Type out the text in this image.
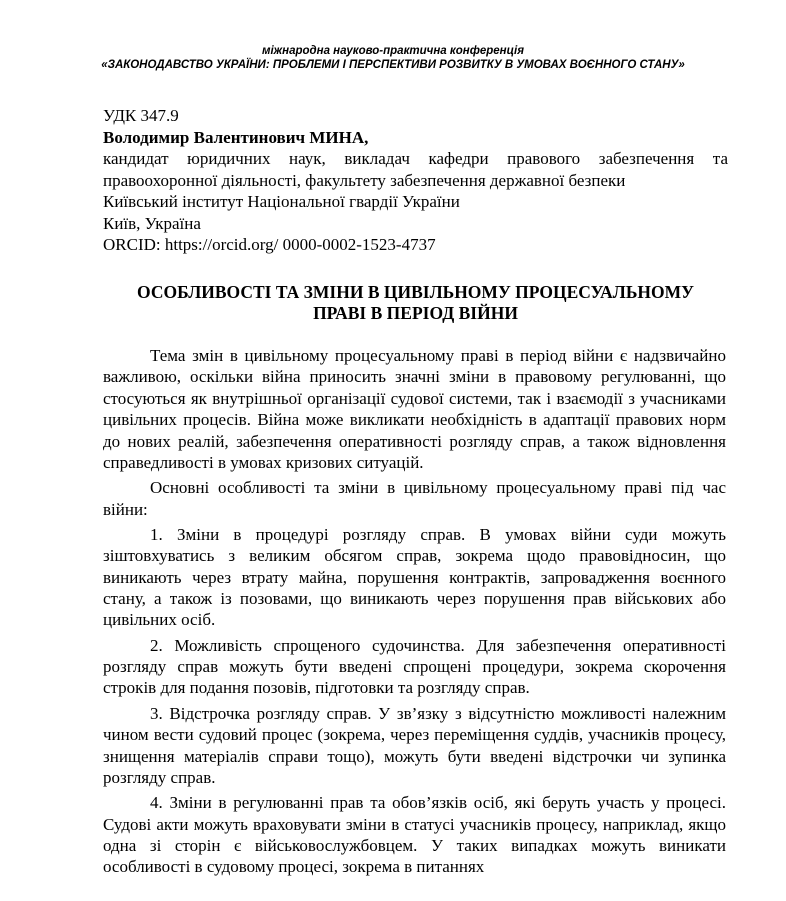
міжнародна науково-практична конференція
«ЗАКОНОДАВСТВО УКРАЇНИ: ПРОБЛЕМИ І ПЕРСПЕКТИВИ РОЗВИТКУ В УМОВАХ ВОЄННОГО СТАНУ»
УДК 347.9
Володимир Валентинович МИНА,
кандидат юридичних наук, викладач кафедри правового забезпечення та правоохоронної діяльності, факультету забезпечення державної безпеки
Київський інститут Національної гвардії України
Київ, Україна
ORCID: https://orcid.org/ 0000-0002-1523-4737
ОСОБЛИВОСТІ ТА ЗМІНИ В ЦИВІЛЬНОМУ ПРОЦЕСУАЛЬНОМУ
ПРАВІ В ПЕРІОД ВІЙНИ

Тема змін в цивільному процесуальному праві в період війни є надзвичайно важливою, оскільки війна приносить значні зміни в правовому регулюванні, що стосуються як внутрішньої організації судової системи, так і взаємодії з учасниками цивільних процесів. Війна може викликати необхідність в адаптації правових норм до нових реалій, забезпечення оперативності розгляду справ, а також відновлення справедливості в умовах кризових ситуацій.

Основні особливості та зміни в цивільному процесуальному праві під час війни:

1. Зміни в процедурі розгляду справ. В умовах війни суди можуть зіштовхуватись з великим обсягом справ, зокрема щодо правовідносин, що виникають через втрату майна, порушення контрактів, запровадження воєнного стану, а також із позовами, що виникають через порушення прав військових або цивільних осіб.

2. Можливість спрощеного судочинства. Для забезпечення оперативності розгляду справ можуть бути введені спрощені процедури, зокрема скорочення строків для подання позовів, підготовки та розгляду справ.

3. Відстрочка розгляду справ. У зв’язку з відсутністю можливості належним чином вести судовий процес (зокрема, через переміщення суддів, учасників процесу, знищення матеріалів справи тощо), можуть бути введені відстрочки чи зупинка розгляду справ.

4. Зміни в регулюванні прав та обов’язків осіб, які беруть участь у процесі. Судові акти можуть враховувати зміни в статусі учасників процесу, наприклад, якщо одна зі сторін є військовослужбовцем. У таких випадках можуть виникати особливості в судовому процесі, зокрема в питаннях
